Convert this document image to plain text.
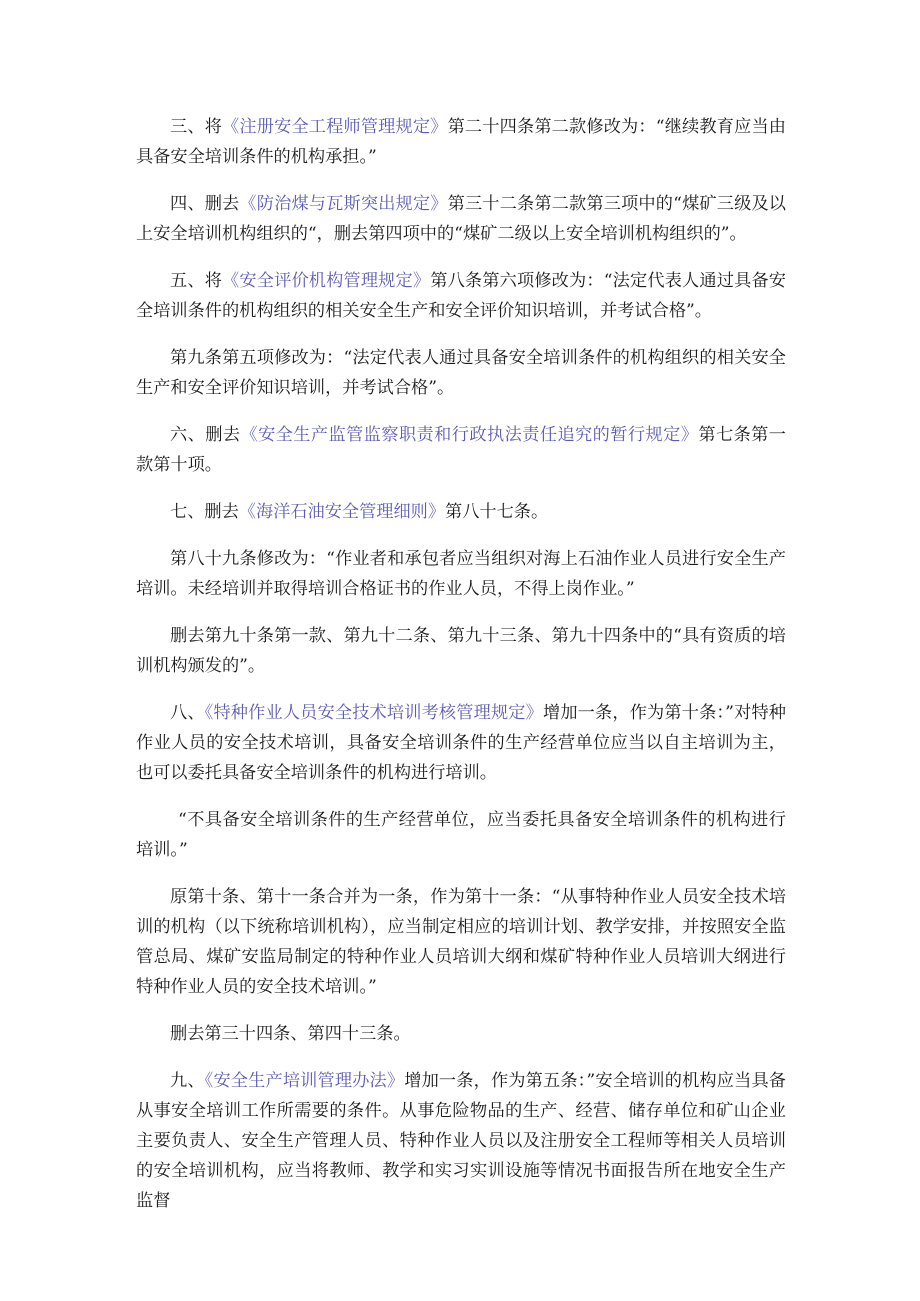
三、将《注册安全工程师管理规定》第二十四条第二款修改为：“继续教育应当由具备安全培训条件的机构承担。”

四、删去《防治煤与瓦斯突出规定》第三十二条第二款第三项中的“煤矿三级及以上安全培训机构组织的“，删去第四项中的“煤矿二级以上安全培训机构组织的”。

五、将《安全评价机构管理规定》第八条第六项修改为：“法定代表人通过具备安全培训条件的机构组织的相关安全生产和安全评价知识培训，并考试合格”。

第九条第五项修改为：“法定代表人通过具备安全培训条件的机构组织的相关安全生产和安全评价知识培训，并考试合格”。

六、删去《安全生产监管监察职责和行政执法责任追究的暂行规定》第七条第一款第十项。

七、删去《海洋石油安全管理细则》第八十七条。

第八十九条修改为：“作业者和承包者应当组织对海上石油作业人员进行安全生产培训。未经培训并取得培训合格证书的作业人员，不得上岗作业。”

删去第九十条第一款、第九十二条、第九十三条、第九十四条中的“具有资质的培训机构颁发的”。

八、《特种作业人员安全技术培训考核管理规定》增加一条，作为第十条：”对特种作业人员的安全技术培训，具备安全培训条件的生产经营单位应当以自主培训为主，也可以委托具备安全培训条件的机构进行培训。

“不具备安全培训条件的生产经营单位，应当委托具备安全培训条件的机构进行培训。”

原第十条、第十一条合并为一条，作为第十一条：“从事特种作业人员安全技术培训的机构（以下统称培训机构），应当制定相应的培训计划、教学安排，并按照安全监管总局、煤矿安监局制定的特种作业人员培训大纲和煤矿特种作业人员培训大纲进行特种作业人员的安全技术培训。”

删去第三十四条、第四十三条。

九、《安全生产培训管理办法》增加一条，作为第五条：”安全培训的机构应当具备从事安全培训工作所需要的条件。从事危险物品的生产、经营、储存单位和矿山企业主要负责人、安全生产管理人员、特种作业人员以及注册安全工程师等相关人员培训的安全培训机构，应当将教师、教学和实习实训设施等情况书面报告所在地安全生产监督
